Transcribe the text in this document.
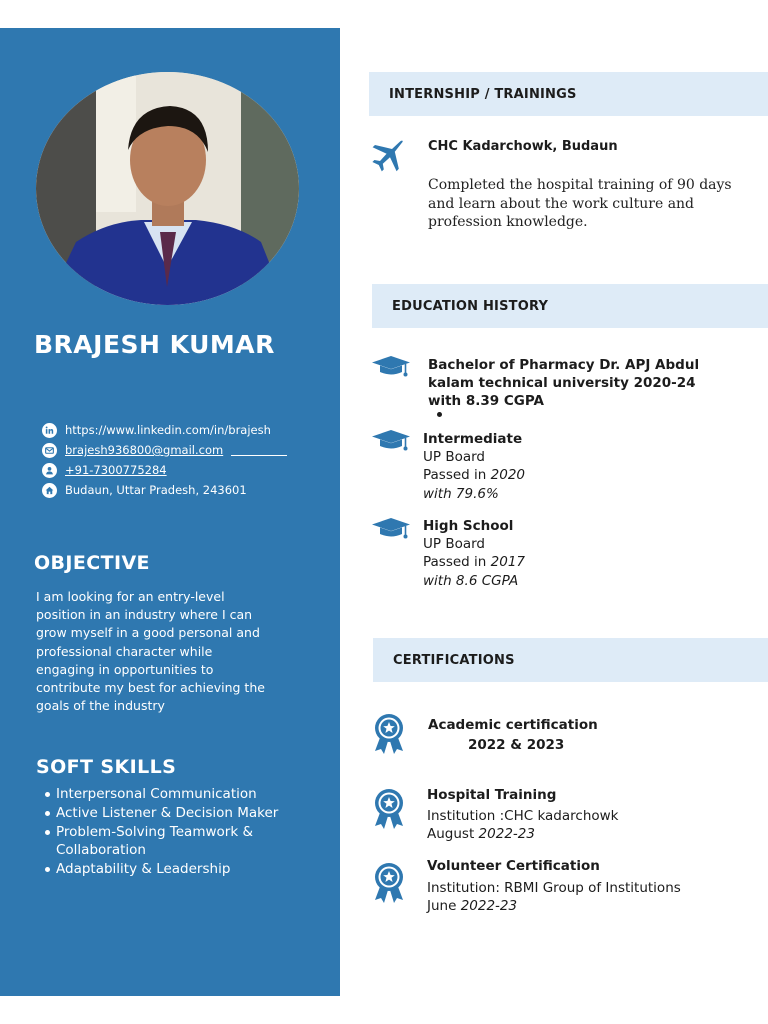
BRAJESH KUMAR
https://www.linkedin.com/in/brajesh
brajesh936800@gmail.com
+91-7300775284
Budaun, Uttar Pradesh, 243601
OBJECTIVE
I am looking for an entry-level position in an industry where I can grow myself in a good personal and professional character while engaging in opportunities to contribute my best for achieving the goals of the industry
SOFT SKILLS
Interpersonal Communication
Active Listener & Decision Maker
Problem-Solving Teamwork & Collaboration
Adaptability & Leadership
INTERNSHIP / TRAININGS
CHC Kadarchowk, Budaun
Completed the hospital training of 90 days and learn about the work culture and profession knowledge.
EDUCATION HISTORY
Bachelor of Pharmacy Dr. APJ Abdul kalam technical university 2020-24 with 8.39 CGPA
Intermediate
UP Board
Passed in 2020
with 79.6%
High School
UP Board
Passed in 2017
with 8.6 CGPA
CERTIFICATIONS
Academic certification
2022 & 2023
Hospital Training
Institution :CHC kadarchowk
August 2022-23
Volunteer Certification
Institution: RBMI Group of Institutions
June 2022-23
